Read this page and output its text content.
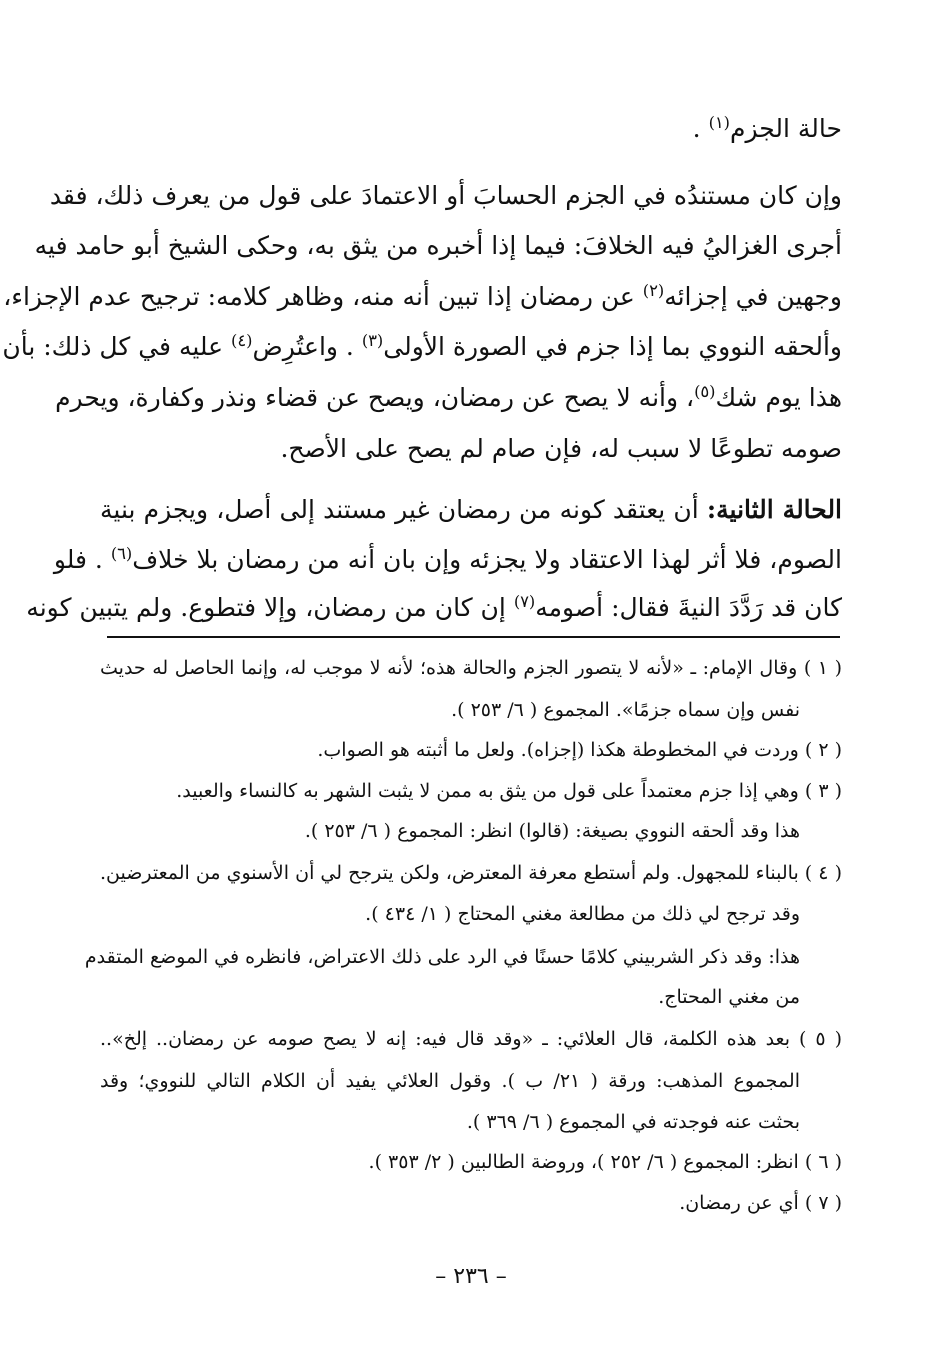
حالة الجزم$^{(١)}$ .
وإن كان مستندُه في الجزم الحسابَ أو الاعتمادَ على قول من يعرف ذلك، فقد
أجرى الغزاليُ فيه الخلافَ: فيما إذا أخبره من يثق به، وحكى الشيخ أبو حامد فيه
وجهين في إجزائه$^{(٢)}$ عن رمضان إذا تبين أنه منه، وظاهر كلامه: ترجيح عدم الإجزاء،
وألحقه النووي بما إذا جزم في الصورة الأولى$^{(٣)}$ . واعتُرِض$^{(٤)}$ عليه في كل ذلك: بأن
هذا يوم شك$^{(٥)}$، وأنه لا يصح عن رمضان، ويصح عن قضاء ونذر وكفارة، ويحرم
صومه تطوعًا لا سبب له، فإن صام لم يصح على الأصح.
الحالة الثانية: أن يعتقد كونه من رمضان غير مستند إلى أصل، ويجزم بنية
الصوم، فلا أثر لهذا الاعتقاد ولا يجزئه وإن بان أنه من رمضان بلا خلاف$^{(٦)}$ . فلو
كان قد رَدَّدَ النيةَ فقال: أصومه$^{(٧)}$ إن كان من رمضان، وإلا فتطوع. ولم يتبين كونه
( ١ ) وقال الإمام: ـ «لأنه لا يتصور الجزم والحالة هذه؛ لأنه لا موجب له، وإنما الحاصل له حديث
نفس وإن سماه جزمًا». المجموع ( ٦/ ٢٥٣ ).
( ٢ ) وردت في المخطوطة هكذا (إجزاه). ولعل ما أثبته هو الصواب.
( ٣ ) وهي إذا جزم معتمداً على قول من يثق به ممن لا يثبت الشهر به كالنساء والعبيد.
هذا وقد ألحقه النووي بصيغة: (قالوا) انظر: المجموع ( ٦/ ٢٥٣ ).
( ٤ ) بالبناء للمجهول. ولم أستطع معرفة المعترض، ولكن يترجح لي أن الأسنوي من المعترضين.
وقد ترجح لي ذلك من مطالعة مغني المحتاج ( ١/ ٤٣٤ ).
هذا: وقد ذكر الشربيني كلامًا حسنًا في الرد على ذلك الاعتراض، فانظره في الموضع المتقدم
من مغني المحتاج.
( ٥ ) بعد هذه الكلمة، قال العلائي: ـ «وقد قال فيه: إنه لا يصح صومه عن رمضان.. إلخ»..
المجموع المذهب: ورقة ( ٢١/ ب ). وقول العلائي يفيد أن الكلام التالي للنووي؛ وقد
بحثت عنه فوجدته في المجموع ( ٦/ ٣٦٩ ).
( ٦ ) انظر: المجموع ( ٦/ ٢٥٢ )، وروضة الطالبين ( ٢/ ٣٥٣ ).
( ٧ ) أي عن رمضان.
– ٢٣٦ –
